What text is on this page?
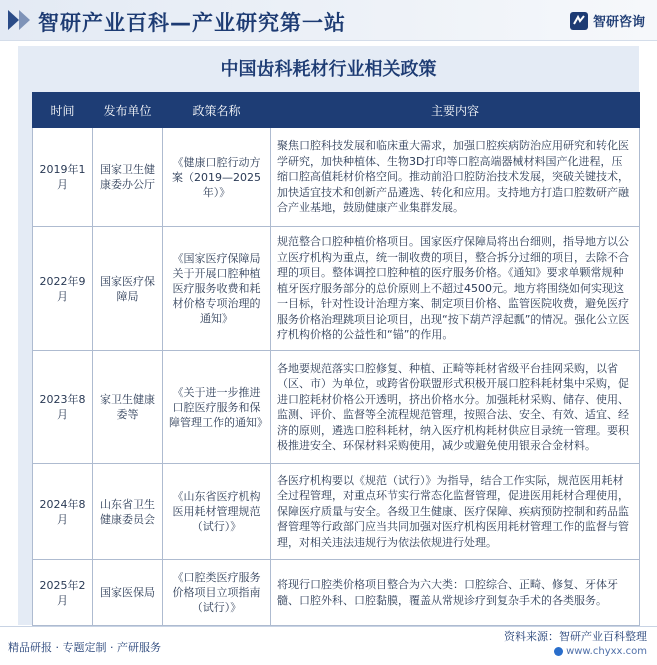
智研产业百科—产业研究第一站	智研咨询
中国齿科耗材行业相关政策
时间	发布单位	政策名称	主要内容
2019年1月	国家卫生健康委办公厅	《健康口腔行动方案（2019—2025年）》	聚焦口腔科技发展和临床重大需求，加强口腔疾病防治应用研究和转化医学研究，加快种植体、生物3D打印等口腔高端器械材料国产化进程，压缩口腔高值耗材价格空间。推动前沿口腔防治技术发展，突破关键技术，加快适宜技术和创新产品遴选、转化和应用。支持地方打造口腔数研产融合产业基地，鼓励健康产业集群发展。
2022年9月	国家医疗保障局	《国家医疗保障局关于开展口腔种植医疗服务收费和耗材价格专项治理的通知》	规范整合口腔种植价格项目。国家医疗保障局将出台细则，指导地方以公立医疗机构为重点，统一制收费的项目，整合拆分过细的项目，去除不合理的项目。整体调控口腔种植的医疗服务价格。《通知》要求单颗常规种植牙医疗服务部分的总价原则上不超过4500元。地方将围绕如何实现这一目标，针对性设计治理方案、制定项目价格、监管医院收费，避免医疗服务价格治理跳项目论项目，出现“按下葫芦浮起瓢”的情况。强化公立医疗机构价格的公益性和“锚”的作用。
2023年8月	家卫生健康委等	《关于进一步推进口腔医疗服务和保障管理工作的通知》	各地要规范落实口腔修复、种植、正畸等耗材省级平台挂网采购，以省（区、市）为单位，或跨省份联盟形式积极开展口腔科耗材集中采购，促进口腔耗材价格公开透明，挤出价格水分。加强耗材采购、储存、使用、监测、评价、监督等全流程规范管理，按照合法、安全、有效、适宜、经济的原则，遴选口腔科耗材，纳入医疗机构耗材供应目录统一管理。要积极推进安全、环保材料采购使用，减少或避免使用银汞合金材料。
2024年8月	山东省卫生健康委员会	《山东省医疗机构医用耗材管理规范（试行）》	各医疗机构要以《规范（试行）》为指导，结合工作实际，规范医用耗材全过程管理，对重点环节实行常态化监督管理，促进医用耗材合理使用，保障医疗质量与安全。各级卫生健康、医疗保障、疾病预防控制和药品监督管理等行政部门应当共同加强对医疗机构医用耗材管理工作的监督与管理，对相关违法违规行为依法依规进行处理。
2025年2月	国家医保局	《口腔类医疗服务价格项目立项指南（试行）》	将现行口腔类价格项目整合为六大类：口腔综合、正畸、修复、牙体牙髓、口腔外科、口腔黏膜，覆盖从常规诊疗到复杂手术的各类服务。
精品研报 · 专题定制 · 产研服务
资料来源：智研产业百科整理
www.chyxx.com
